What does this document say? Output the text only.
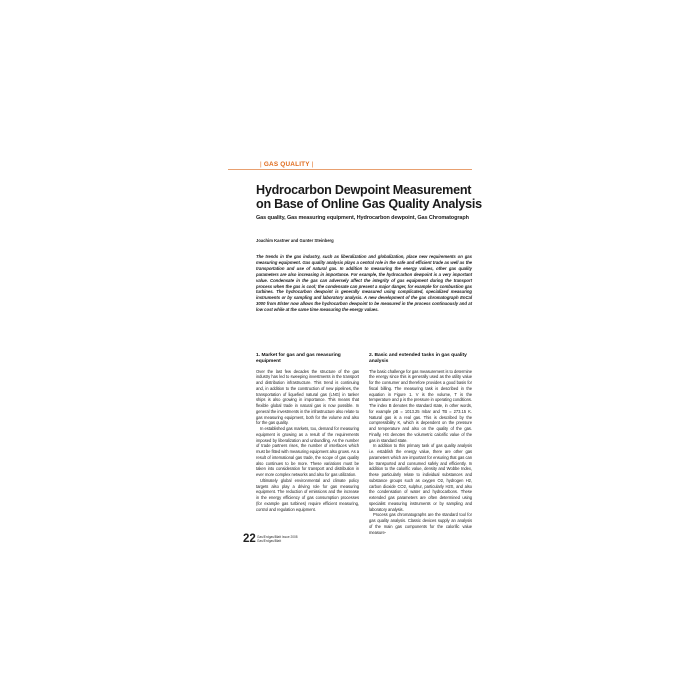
| GAS QUALITY |
Hydrocarbon Dewpoint Measurement
on Base of Online Gas Quality Analysis
Gas quality, Gas measuring equipment, Hydrocarbon dewpoint, Gas Chromatograph
Joachim Kastner and Gunter Steinberg
The trends in the gas industry, such as liberalization and globalization, place new requirements on gas measuring equipment. Gas quality analysis plays a central role in the safe and efficient trade as well as the transportation and use of natural gas. In addition to measuring the energy values, other gas quality parameters are also increasing in importance. For example, the hydrocarbon dewpoint is a very important value. Condensate in the gas can adversely affect the integrity of gas equipment during the transport process when the gas is cool; the condensate can present a major danger, for example for combustion gas turbines. The hydrocarbon dewpoint is generally measured using complicated, specialized measuring instruments or by sampling and laboratory analysis. A new development of the gas chromatograph EnCal 3000 from Elster now allows the hydrocarbon dewpoint to be measured in the process continuously and at low cost while at the same time measuring the energy values.
1. Market for gas and gas measuring equipment

Over the last few decades the structure of the gas industry has led to sweeping investments in the transport and distribution infrastructure. This trend is continuing and, in addition to the construction of new pipelines, the transportation of liquefied natural gas (LNG) in tanker ships is also growing in importance. This means that flexible global trade in natural gas is now possible. In general the investments in the infrastructure also relate to gas measuring equipment, both for the volume and also for the gas quality.

In established gas markets, too, demand for measuring equipment is growing as a result of the requirements imposed by liberalization and unbundling. As the number of trade partners rises, the number of interfaces which must be fitted with measuring equipment also grows. As a result of international gas trade, the scope of gas quality also continues to be more. These variations must be taken into consideration for transport and distribution in ever more complex networks and also for gas utilization.

Ultimately global environmental and climate policy targets also play a driving role for gas measuring equipment. The reduction of emissions and the increase in the energy efficiency of gas consumption processes (for example gas turbines) require efficient measuring, control and regulation equipment.

2. Basic and extended tasks in gas quality analysis

The basic challenge for gas measurement is to determine the energy since this is generally used as the utility value for the consumer and therefore provides a good basis for fiscal billing. The measuring task is described in the equation in Figure 1. V is the volume, T is the temperature and p is the pressure in operating conditions. The index B denotes the standard state, in other words, for example pB = 1013.25 mbar and TB = 273.15 K. Natural gas is a real gas. This is described by the compressibility K, which is dependent on the pressure and temperature and also on the quality of the gas. Finally, HS denotes the volumetric calorific value of the gas in standard state.

In addition to this primary task of gas quality analysis i.e. establish the energy value, there are other gas parameters which are important for ensuring that gas can be transported and consumed safely and efficiently. In addition to the calorific value, density and Wobbe Index, these particularly relate to individual substances and substance groups such as oxygen O2, hydrogen H2, carbon dioxide CO2, sulphur, particularly H2S, and also the condensation of water and hydrocarbons. These extended gas parameters are often determined using specialist measuring instruments or by sampling and laboratory analysis.

Process gas chromatographs are the standard tool for gas quality analysis. Classic devices supply an analysis of the main gas components for the calorific value measure-

22 Gas/Erdgas/Blatt Issue 2008
Gas/Erdgas/Blatt
